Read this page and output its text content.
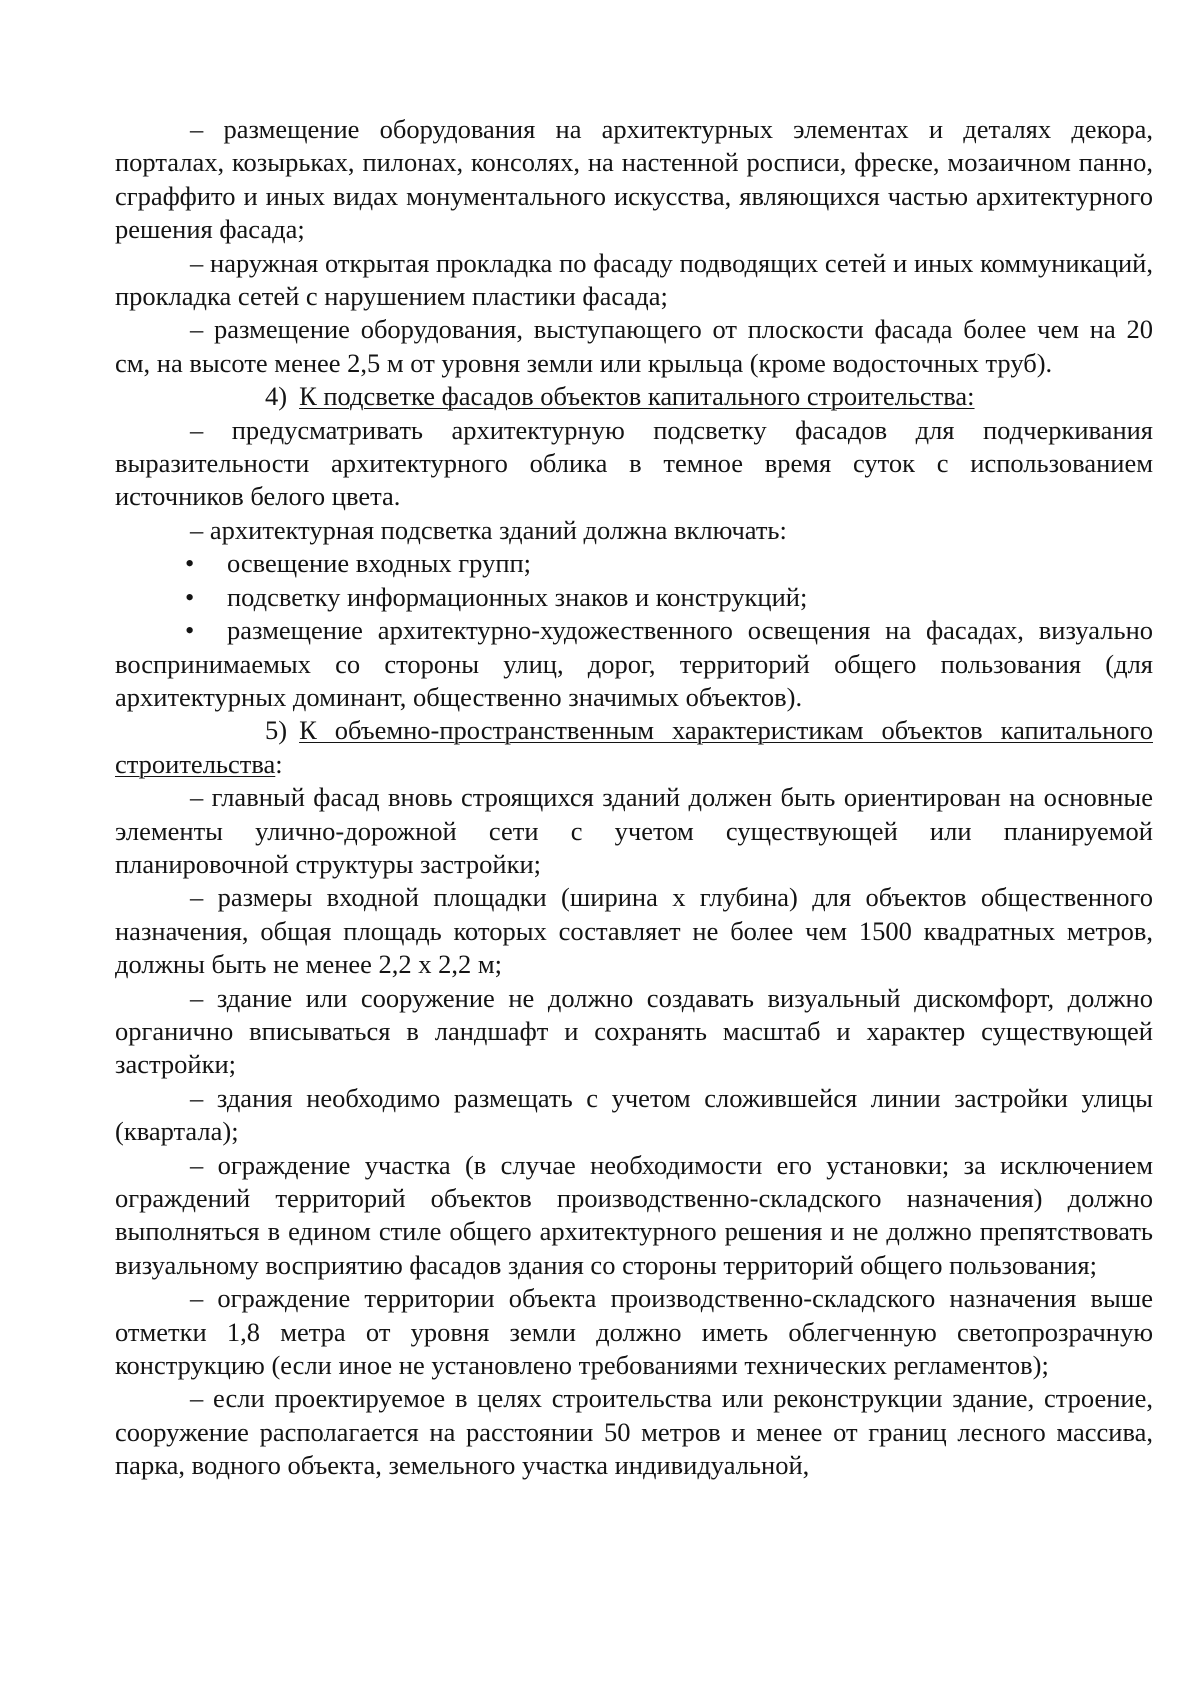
– размещение оборудования на архитектурных элементах и деталях декора, порталах, козырьках, пилонах, консолях, на настенной росписи, фреске, мозаичном панно, сграффито и иных видах монументального искусства, являющихся частью архитектурного решения фасада;

– наружная открытая прокладка по фасаду подводящих сетей и иных коммуникаций, прокладка сетей с нарушением пластики фасада;

– размещение оборудования, выступающего от плоскости фасада более чем на 20 см, на высоте менее 2,5 м от уровня земли или крыльца (кроме водосточных труб).

4) К подсветке фасадов объектов капитального строительства:

– предусматривать архитектурную подсветку фасадов для подчеркивания выразительности архитектурного облика в темное время суток с использованием источников белого цвета.

– архитектурная подсветка зданий должна включать:

• освещение входных групп;

• подсветку информационных знаков и конструкций;

• размещение архитектурно-художественного освещения на фасадах, визуально воспринимаемых со стороны улиц, дорог, территорий общего пользования (для архитектурных доминант, общественно значимых объектов).

5) К объемно-пространственным характеристикам объектов капитального строительства:

– главный фасад вновь строящихся зданий должен быть ориентирован на основные элементы улично-дорожной сети с учетом существующей или планируемой планировочной структуры застройки;

– размеры входной площадки (ширина х глубина) для объектов общественного назначения, общая площадь которых составляет не более чем 1500 квадратных метров, должны быть не менее 2,2 х 2,2 м;

– здание или сооружение не должно создавать визуальный дискомфорт, должно органично вписываться в ландшафт и сохранять масштаб и характер существующей застройки;

– здания необходимо размещать с учетом сложившейся линии застройки улицы (квартала);

– ограждение участка (в случае необходимости его установки; за исключением ограждений территорий объектов производственно-складского назначения) должно выполняться в едином стиле общего архитектурного решения и не должно препятствовать визуальному восприятию фасадов здания со стороны территорий общего пользования;

– ограждение территории объекта производственно-складского назначения выше отметки 1,8 метра от уровня земли должно иметь облегченную светопрозрачную конструкцию (если иное не установлено требованиями технических регламентов);

– если проектируемое в целях строительства или реконструкции здание, строение, сооружение располагается на расстоянии 50 метров и менее от границ лесного массива, парка, водного объекта, земельного участка индивидуальной,
